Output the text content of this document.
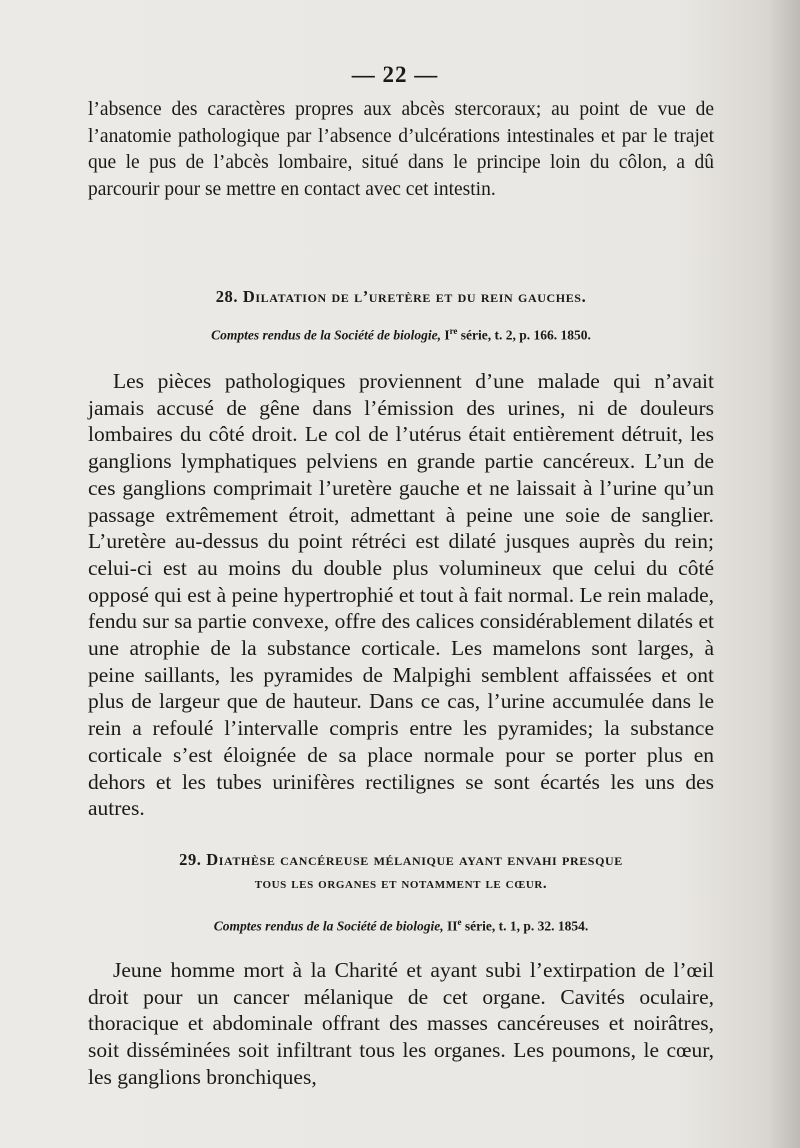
— 22 —

l’absence des caractères propres aux abcès stercoraux; au point de vue de l’anatomie pathologique par l’absence d’ulcérations intestinales et par le trajet que le pus de l’abcès lombaire, situé dans le principe loin du côlon, a dû parcourir pour se mettre en contact avec cet intestin.

28. Dilatation de l’uretère et du rein gauches.

Comptes rendus de la Société de biologie, Ire série, t. 2, p. 166. 1850.

Les pièces pathologiques proviennent d’une malade qui n’avait jamais accusé de gêne dans l’émission des urines, ni de douleurs lombaires du côté droit. Le col de l’utérus était entièrement détruit, les ganglions lymphatiques pelviens en grande partie cancéreux. L’un de ces ganglions comprimait l’uretère gauche et ne laissait à l’urine qu’un passage extrêmement étroit, admettant à peine une soie de sanglier. L’uretère au-dessus du point rétréci est dilaté jusques auprès du rein; celui-ci est au moins du double plus volumineux que celui du côté opposé qui est à peine hypertrophié et tout à fait normal. Le rein malade, fendu sur sa partie convexe, offre des calices considérablement dilatés et une atrophie de la substance corticale. Les mamelons sont larges, à peine saillants, les pyramides de Malpighi semblent affaissées et ont plus de largeur que de hauteur. Dans ce cas, l’urine accumulée dans le rein a refoulé l’intervalle compris entre les pyramides; la substance corticale s’est éloignée de sa place normale pour se porter plus en dehors et les tubes urinifères rectilignes se sont écartés les uns des autres.

29. Diathèse cancéreuse mélanique ayant envahi presque

tous les organes et notamment le cœur.

Comptes rendus de la Société de biologie, IIe série, t. 1, p. 32. 1854.

Jeune homme mort à la Charité et ayant subi l’extirpation de l’œil droit pour un cancer mélanique de cet organe. Cavités oculaire, thoracique et abdominale offrant des masses cancéreuses et noirâtres, soit disséminées soit infiltrant tous les organes. Les poumons, le cœur, les ganglions bronchiques,
